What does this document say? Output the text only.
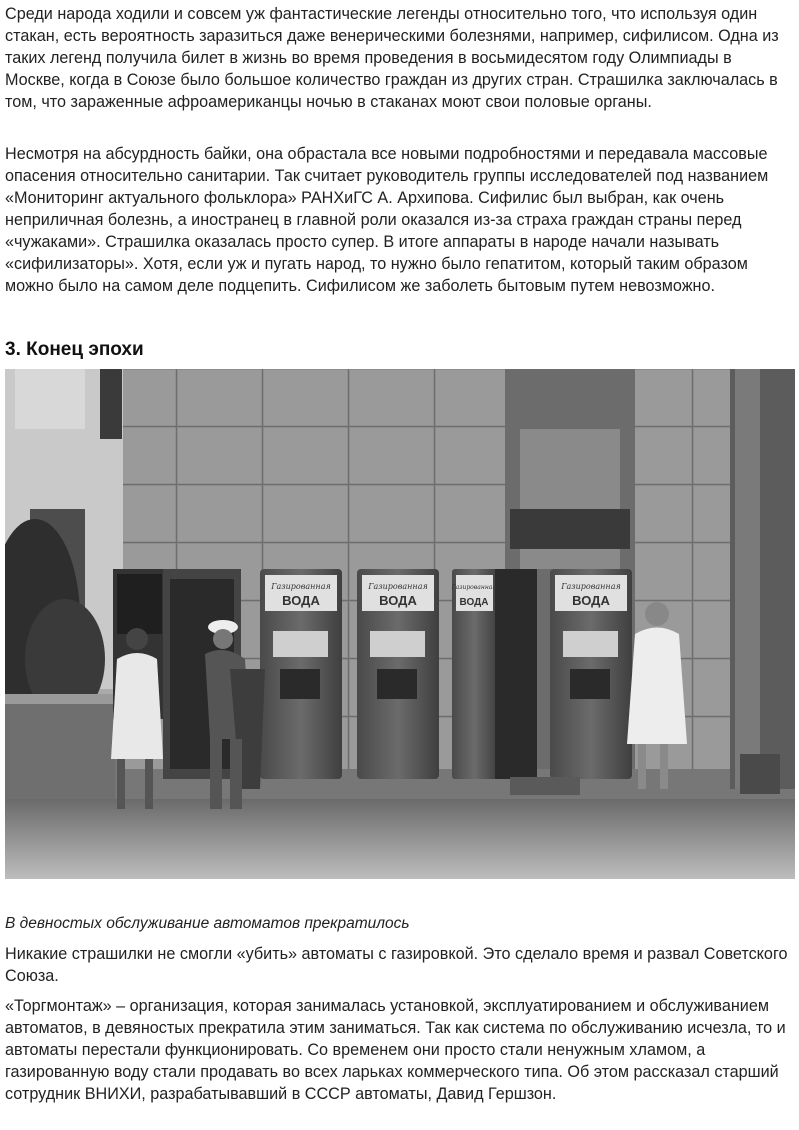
Среди народа ходили и совсем уж фантастические легенды относительно того, что используя один стакан, есть вероятность заразиться даже венерическими болезнями, например, сифилисом. Одна из таких легенд получила билет в жизнь во время проведения в восьмидесятом году Олимпиады в Москве, когда в Союзе было большое количество граждан из других стран. Страшилка заключалась в том, что зараженные афроамериканцы ночью в стаканах моют свои половые органы.

Несмотря на абсурдность байки, она обрастала все новыми подробностями и передавала массовые опасения относительно санитарии. Так считает руководитель группы исследователей под названием «Мониторинг актуального фольклора» РАНХиГС А. Архипова. Сифилис был выбран, как очень неприличная болезнь, а иностранец в главной роли оказался из-за страха граждан страны перед «чужаками». Страшилка оказалась просто супер. В итоге аппараты в народе начали называть «сифилизаторы». Хотя, если уж и пугать народ, то нужно было гепатитом, который таким образом можно было на самом деле подцепить. Сифилисом же заболеть бытовым путем невозможно.

3. Конец эпохи
Газированная
ВОДА
Газированная
ВОДА
Газированная
ВОДА
Газированная
ВОДА

В девностых обслуживание автоматов прекратилось

Никакие страшилки не смогли «убить» автоматы с газировкой. Это сделало время и развал Советского Союза.

«Торгмонтаж» – организация, которая занималась установкой, эксплуатированием и обслуживанием автоматов, в девяностых прекратила этим заниматься. Так как система по обслуживанию исчезла, то и автоматы перестали функционировать. Со временем они просто стали ненужным хламом, а газированную воду стали продавать во всех ларьках коммерческого типа. Об этом рассказал старший сотрудник ВНИХИ, разрабатывавший в СССР автоматы, Давид Гершзон.
